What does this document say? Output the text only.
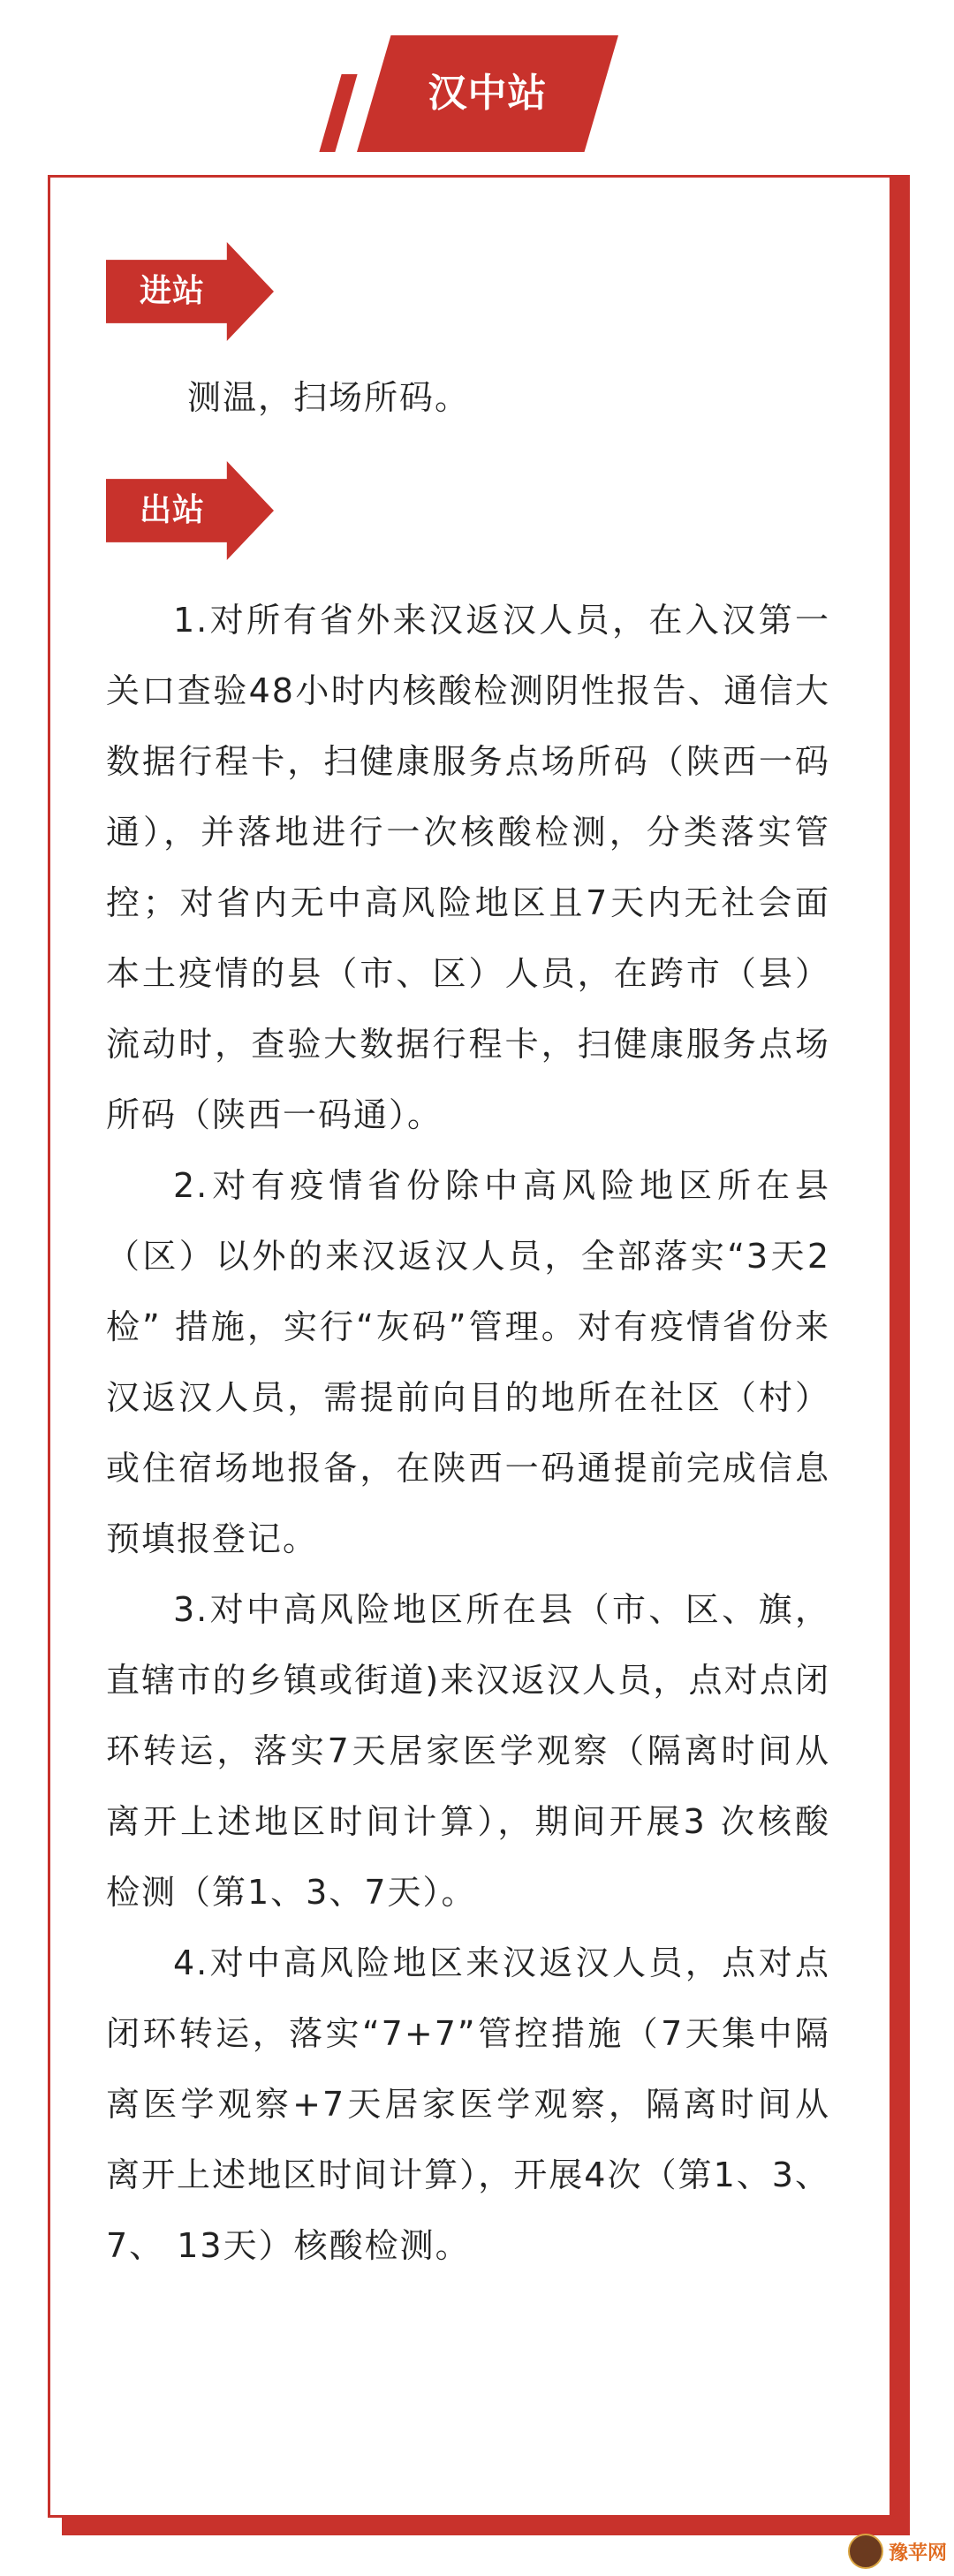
汉中站
进站
测温，扫场所码。
出站

1.对所有省外来汉返汉人员，在入汉第一关口查验48小时内核酸检测阴性报告、通信大数据行程卡，扫健康服务点场所码（陕西一码通），并落地进行一次核酸检测，分类落实管控；对省内无中高风险地区且7天内无社会面本土疫情的县（市、区）人员，在跨市（县）流动时，查验大数据行程卡，扫健康服务点场所码（陕西一码通）。

2.对有疫情省份除中高风险地区所在县（区）以外的来汉返汉人员，全部落实“3天2检” 措施，实行“灰码”管理。对有疫情省份来汉返汉人员，需提前向目的地所在社区（村）或住宿场地报备，在陕西一码通提前完成信息预填报登记。

3.对中高风险地区所在县（市、区、旗，直辖市的乡镇或街道)来汉返汉人员，点对点闭环转运，落实7天居家医学观察（隔离时间从离开上述地区时间计算），期间开展3 次核酸检测（第1、3、7天）。

4.对中高风险地区来汉返汉人员，点对点闭环转运，落实“7+7”管控措施（7天集中隔离医学观察+7天居家医学观察，隔离时间从离开上述地区时间计算），开展4次（第1、3、7、 13天）核酸检测。

豫苹网
